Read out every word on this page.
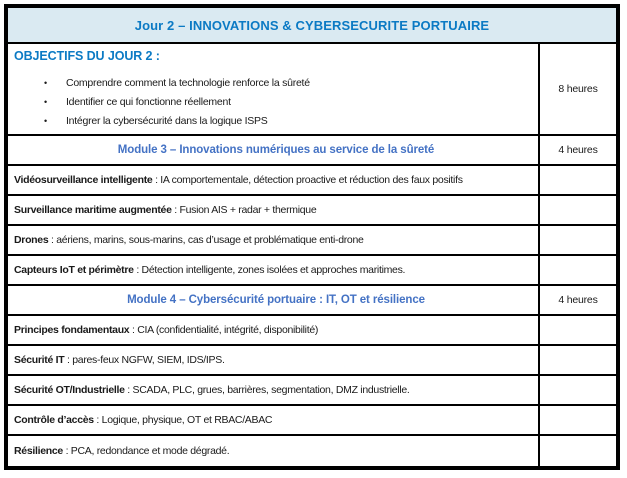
Jour 2 – INNOVATIONS & CYBERSECURITE PORTUAIRE
OBJECTIFS DU JOUR 2 :
•	Comprendre comment la technologie renforce la sûreté
•	Identifier ce qui fonctionne réellement
•	Intégrer la cybersécurité dans la logique ISPS
8 heures
Module 3 – Innovations numériques au service de la sûreté	4 heures
Vidéosurveillance intelligente : IA comportementale, détection proactive et réduction des faux positifs
Surveillance maritime augmentée : Fusion AIS + radar + thermique
Drones : aériens, marins, sous-marins, cas d’usage et problématique enti-drone
Capteurs IoT et périmètre : Détection intelligente, zones isolées et approches maritimes.
Module 4 – Cybersécurité portuaire : IT, OT et résilience	4 heures
Principes fondamentaux : CIA (confidentialité, intégrité, disponibilité)
Sécurité IT : pares-feux NGFW, SIEM, IDS/IPS.
Sécurité OT/Industrielle : SCADA, PLC, grues, barrières, segmentation, DMZ industrielle.
Contrôle d’accès : Logique, physique, OT et RBAC/ABAC
Résilience : PCA, redondance et mode dégradé.
